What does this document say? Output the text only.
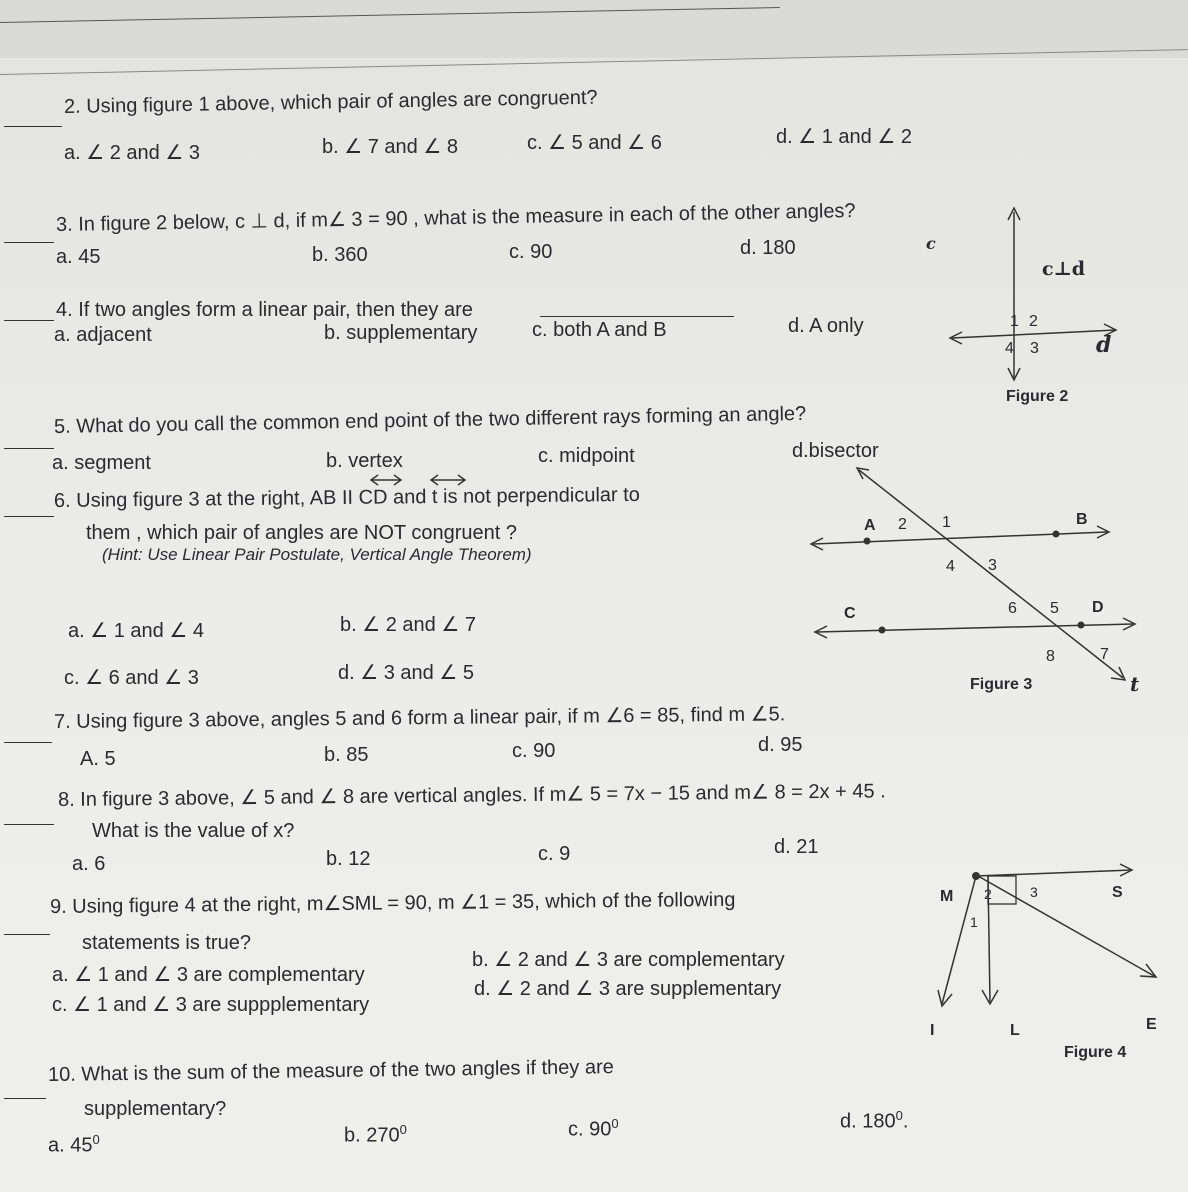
2. Using figure 1 above, which pair of angles are congruent?
a. ∠ 2 and ∠ 3	b. ∠ 7 and ∠ 8	c. ∠ 5 and ∠ 6	d. ∠ 1 and ∠ 2
3. In figure 2 below, c ⊥ d, if m∠ 3 = 90 , what is the measure in each of the other angles?
a. 45	b. 360	c. 90	d. 180
4. If two angles form a linear pair, then they are
a. adjacent	b. supplementary	c. both A and B	d. A only
c
c⊥d
d
1 2
3
4
Figure 2
5. What do you call the common end point of the two different rays forming an angle?
a. segment	b. vertex	c. midpoint	d.bisector
6. Using figure 3 at the right, AB II CD and t is not perpendicular to
them , which pair of angles are NOT congruent ?
(Hint: Use Linear Pair Postulate, Vertical Angle Theorem)
a. ∠ 1 and ∠ 4	b. ∠ 2 and ∠ 7
c. ∠ 6 and ∠ 3	d. ∠ 3 and ∠ 5
A	B
C	D
t
1
2
3
4
5
6
7
8
Figure 3
7. Using figure 3 above, angles 5 and 6 form a linear pair, if m ∠6 = 85, find m ∠5.
A. 5	b. 85	c. 90	d. 95
8. In figure 3 above, ∠ 5 and ∠ 8 are vertical angles. If m∠ 5 = 7x − 15 and m∠ 8 = 2x + 45 .
What is the value of x?
a. 6	b. 12	c. 9	d. 21
9. Using figure 4 at the right, m∠SML = 90, m ∠1 = 35, which of the following
statements is true?
a. ∠ 1 and ∠ 3 are complementary
b. ∠ 2 and ∠ 3 are complementary
c. ∠ 1 and ∠ 3 are suppplementary
d. ∠ 2 and ∠ 3 are supplementary
M	S
I	L	E
1
2	3
Figure 4
10. What is the sum of the measure of the two angles if they are
supplementary?
a. $45^0$	b. $270^0$	c. $90^0$	d. $180^0$.
